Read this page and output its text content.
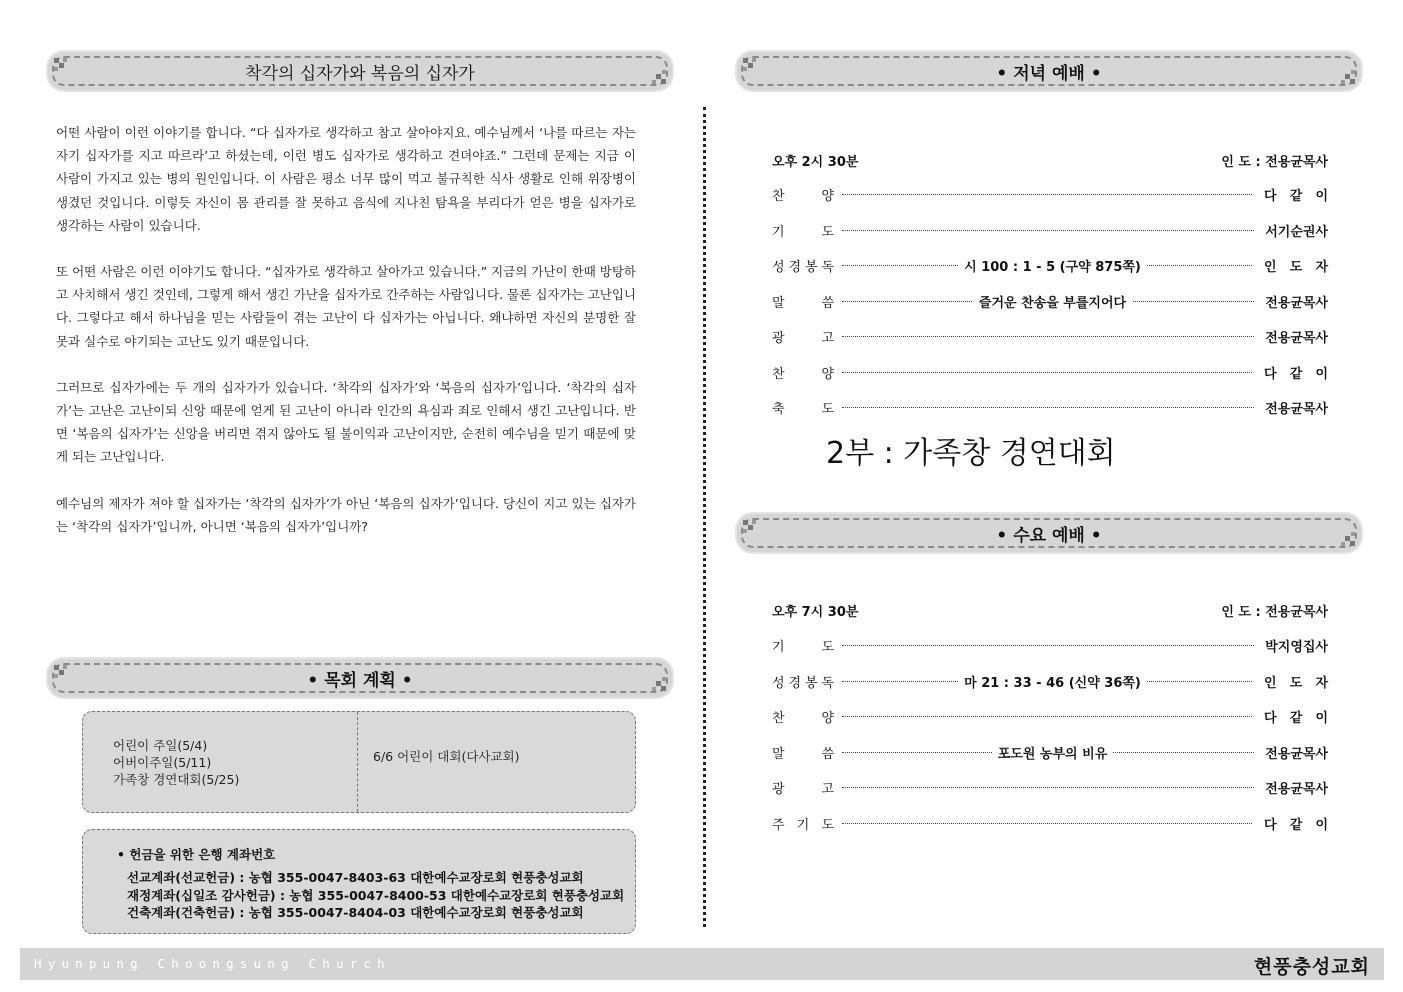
착각의 십자가와 복음의 십자가

어떤 사람이 이런 이야기를 합니다. “다 십자가로 생각하고 참고 살아야지요. 예수님께서 ‘나를 따르는 자는 자기 십자가를 지고 따르라’고 하셨는데, 이런 병도 십자가로 생각하고 견뎌야죠.” 그런데 문제는 지금 이 사람이 가지고 있는 병의 원인입니다. 이 사람은 평소 너무 많이 먹고 불규칙한 식사 생활로 인해 위장병이 생겼던 것입니다. 이렇듯 자신이 몸 관리를 잘 못하고 음식에 지나친 탐욕을 부리다가 얻은 병을 십자가로 생각하는 사람이 있습니다.

또 어떤 사람은 이런 이야기도 합니다. “십자가로 생각하고 살아가고 있습니다.” 지금의 가난이 한때 방탕하고 사치해서 생긴 것인데, 그렇게 해서 생긴 가난을 십자가로 간주하는 사람입니다. 물론 십자가는 고난입니다. 그렇다고 해서 하나님을 믿는 사람들이 겪는 고난이 다 십자가는 아닙니다. 왜냐하면 자신의 분명한 잘못과 실수로 야기되는 고난도 있기 때문입니다.

그러므로 십자가에는 두 개의 십자가가 있습니다. ‘착각의 십자가’와 ‘복음의 십자가’입니다. ‘착각의 십자가’는 고난은 고난이되 신앙 때문에 얻게 된 고난이 아니라 인간의 욕심과 죄로 인해서 생긴 고난입니다. 반면 ‘복음의 십자가’는 신앙을 버리면 겪지 않아도 될 불이익과 고난이지만, 순전히 예수님을 믿기 때문에 맞게 되는 고난입니다.

예수님의 제자가 져야 할 십자가는 ‘착각의 십자가’가 아닌 ‘복음의 십자가’입니다. 당신이 지고 있는 십자가는 ‘착각의 십자가’입니까, 아니면 ‘복음의 십자가’입니까?

• 목회 계획 •
어린이 주일(5/4)
어버이주일(5/11)
가족창 경연대회(5/25)
6/6 어린이 대회(다사교회)
• 헌금을 위한 은행 계좌번호
선교계좌(선교헌금) : 농협 355-0047-8403-63 대한예수교장로회 현풍충성교회
재정계좌(십일조 감사헌금) : 농협 355-0047-8400-53 대한예수교장로회 현풍충성교회
건축계좌(건축헌금) : 농협 355-0047-8404-03 대한예수교장로회 현풍충성교회
• 저녁 예배 •
오후 2시 30분	인 도 : 전용균목사
찬	양	다 같 이
기	도	서기순권사
성 경 봉 독	시 100 : 1 - 5 (구약 875쪽)	인 도 자
말	씀	즐거운 찬송을 부를지어다	전용균목사
광	고	전용균목사
찬	양	다 같 이
축	도	전용균목사
2부 : 가족창 경연대회
• 수요 예배 •
오후 7시 30분	인 도 : 전용균목사
기	도	박지영집사
성 경 봉 독	마 21 : 33 - 46 (신약 36쪽)	인 도 자
찬	양	다 같 이
말	씀	포도원 농부의 비유	전용균목사
광	고	전용균목사
주 기 도	다 같 이
Hyunpung Choongsung Church	현풍충성교회
